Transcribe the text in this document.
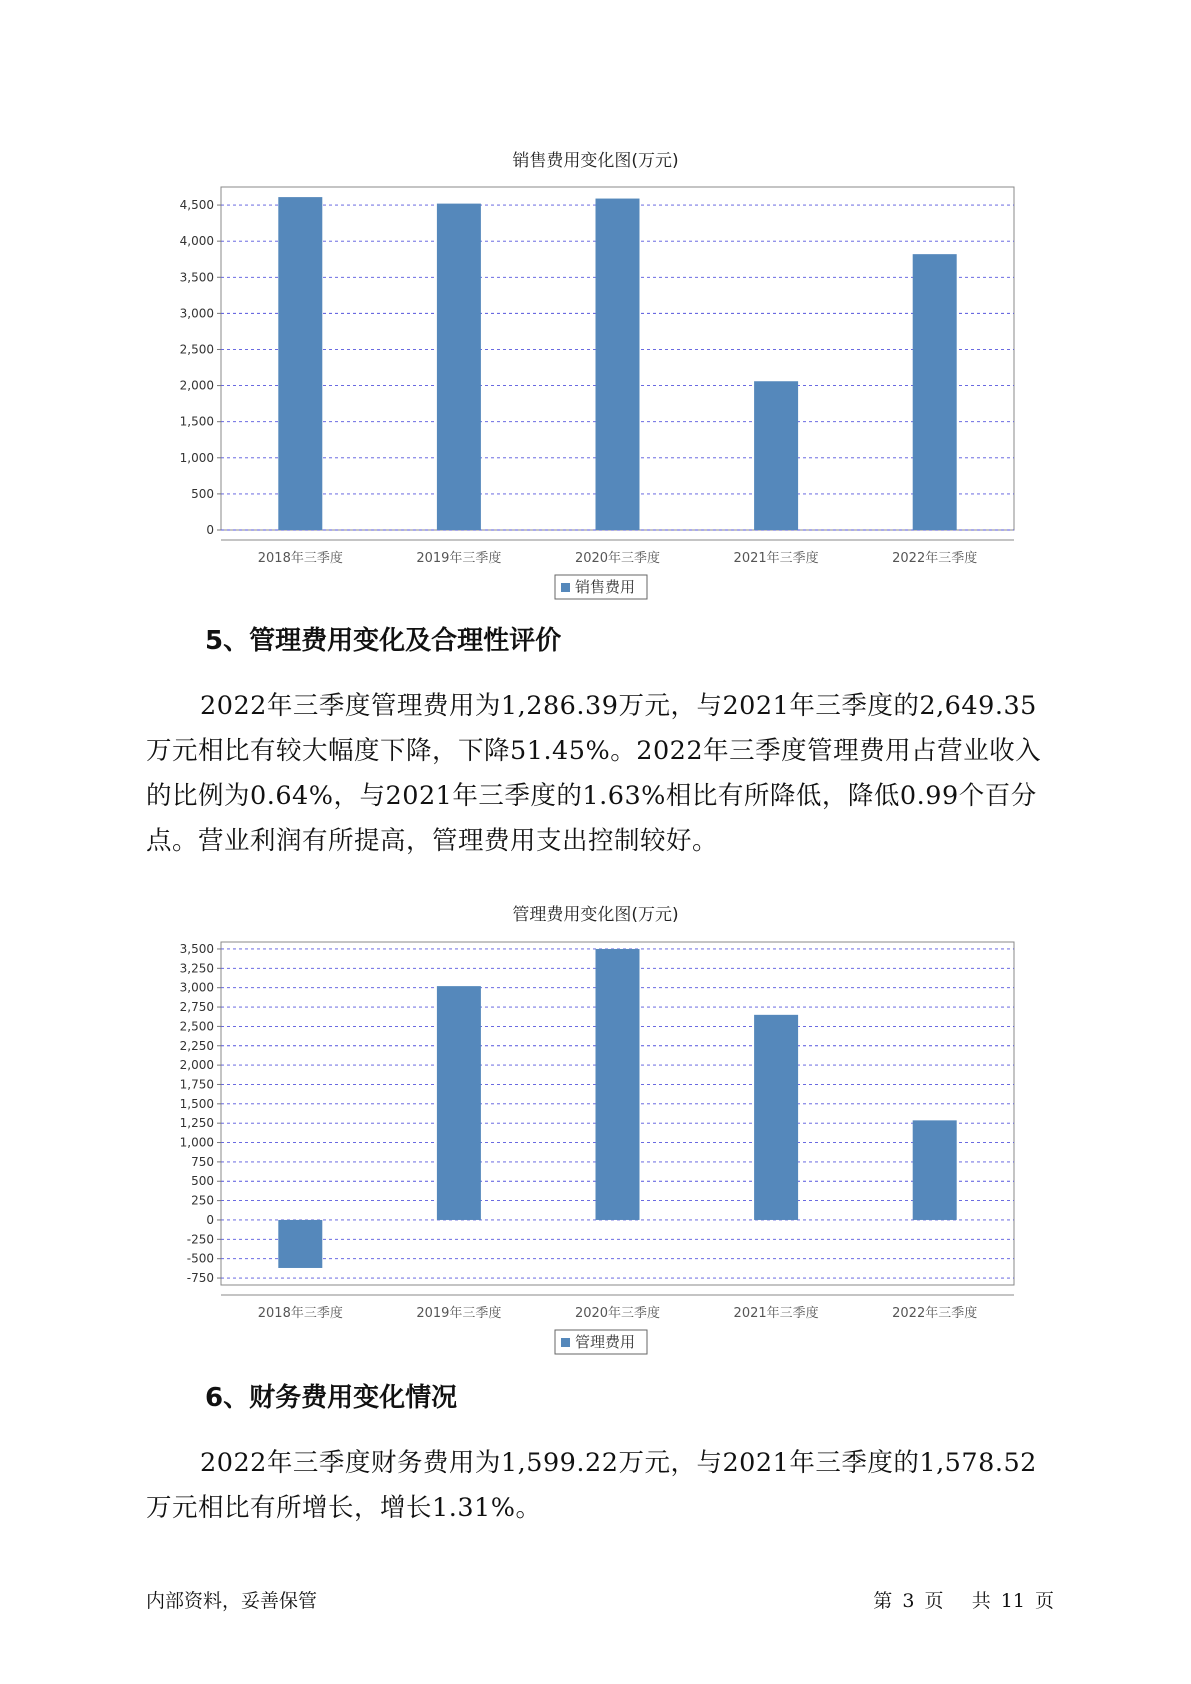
销售费用变化图(万元)
0
500
1,000
1,500
2,000
2,500
3,000
3,500
4,000
4,500
2018年三季度	2019年三季度	2020年三季度	2021年三季度	2022年三季度
销售费用
5、管理费用变化及合理性评价

2022年三季度管理费用为1,286.39万元，与2021年三季度的2,649.35万元相比有较大幅度下降，下降51.45%。2022年三季度管理费用占营业收入的比例为0.64%，与2021年三季度的1.63%相比有所降低，降低0.99个百分点。营业利润有所提高，管理费用支出控制较好。

管理费用变化图(万元)
-750
-500
-250
0
250
500
750
1,000
1,250
1,500
1,750
2,000
2,250
2,500
2,750
3,000
3,250
3,500
2018年三季度	2019年三季度	2020年三季度	2021年三季度	2022年三季度
管理费用
6、财务费用变化情况

2022年三季度财务费用为1,599.22万元，与2021年三季度的1,578.52万元相比有所增长，增长1.31%。

内部资料，妥善保管	第 3 页 共 11 页
